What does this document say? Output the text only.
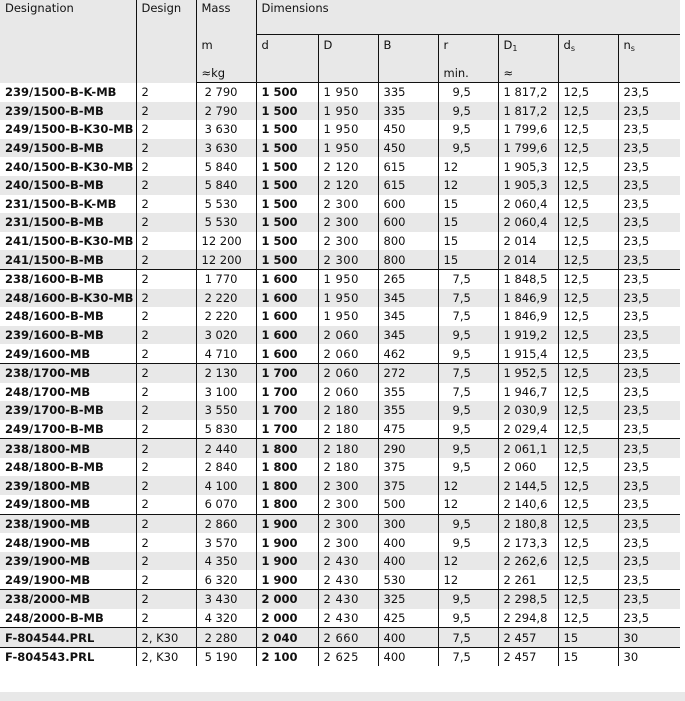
Designation	Design	Mass	Dimensions						
		m	d	D	B	r	$D_1$	$d_s$	$n_s$
		≈kg				min.	≈		
239/1500-B-K-MB	2	2 790	1 500	1 950	335	9,5	1 817,2	12,5	23,5
239/1500-B-MB	2	2 790	1 500	1 950	335	9,5	1 817,2	12,5	23,5
249/1500-B-K30-MB	2	3 630	1 500	1 950	450	9,5	1 799,6	12,5	23,5
249/1500-B-MB	2	3 630	1 500	1 950	450	9,5	1 799,6	12,5	23,5
240/1500-B-K30-MB	2	5 840	1 500	2 120	615	12	1 905,3	12,5	23,5
240/1500-B-MB	2	5 840	1 500	2 120	615	12	1 905,3	12,5	23,5
231/1500-B-K-MB	2	5 530	1 500	2 300	600	15	2 060,4	12,5	23,5
231/1500-B-MB	2	5 530	1 500	2 300	600	15	2 060,4	12,5	23,5
241/1500-B-K30-MB	2	12 200	1 500	2 300	800	15	2 014	12,5	23,5
241/1500-B-MB	2	12 200	1 500	2 300	800	15	2 014	12,5	23,5
238/1600-B-MB	2	1 770	1 600	1 950	265	7,5	1 848,5	12,5	23,5
248/1600-B-K30-MB	2	2 220	1 600	1 950	345	7,5	1 846,9	12,5	23,5
248/1600-B-MB	2	2 220	1 600	1 950	345	7,5	1 846,9	12,5	23,5
239/1600-B-MB	2	3 020	1 600	2 060	345	9,5	1 919,2	12,5	23,5
249/1600-MB	2	4 710	1 600	2 060	462	9,5	1 915,4	12,5	23,5
238/1700-MB	2	2 130	1 700	2 060	272	7,5	1 952,5	12,5	23,5
248/1700-MB	2	3 100	1 700	2 060	355	7,5	1 946,7	12,5	23,5
239/1700-B-MB	2	3 550	1 700	2 180	355	9,5	2 030,9	12,5	23,5
249/1700-B-MB	2	5 830	1 700	2 180	475	9,5	2 029,4	12,5	23,5
238/1800-MB	2	2 440	1 800	2 180	290	9,5	2 061,1	12,5	23,5
248/1800-B-MB	2	2 840	1 800	2 180	375	9,5	2 060	12,5	23,5
239/1800-MB	2	4 100	1 800	2 300	375	12	2 144,5	12,5	23,5
249/1800-MB	2	6 070	1 800	2 300	500	12	2 140,6	12,5	23,5
238/1900-MB	2	2 860	1 900	2 300	300	9,5	2 180,8	12,5	23,5
248/1900-MB	2	3 570	1 900	2 300	400	9,5	2 173,3	12,5	23,5
239/1900-MB	2	4 350	1 900	2 430	400	12	2 262,6	12,5	23,5
249/1900-MB	2	6 320	1 900	2 430	530	12	2 261	12,5	23,5
238/2000-MB	2	3 430	2 000	2 430	325	9,5	2 298,5	12,5	23,5
248/2000-B-MB	2	4 320	2 000	2 430	425	9,5	2 294,8	12,5	23,5
F-804544.PRL	2, K30	2 280	2 040	2 660	400	7,5	2 457	15	30
F-804543.PRL	2, K30	5 190	2 100	2 625	400	7,5	2 457	15	30
